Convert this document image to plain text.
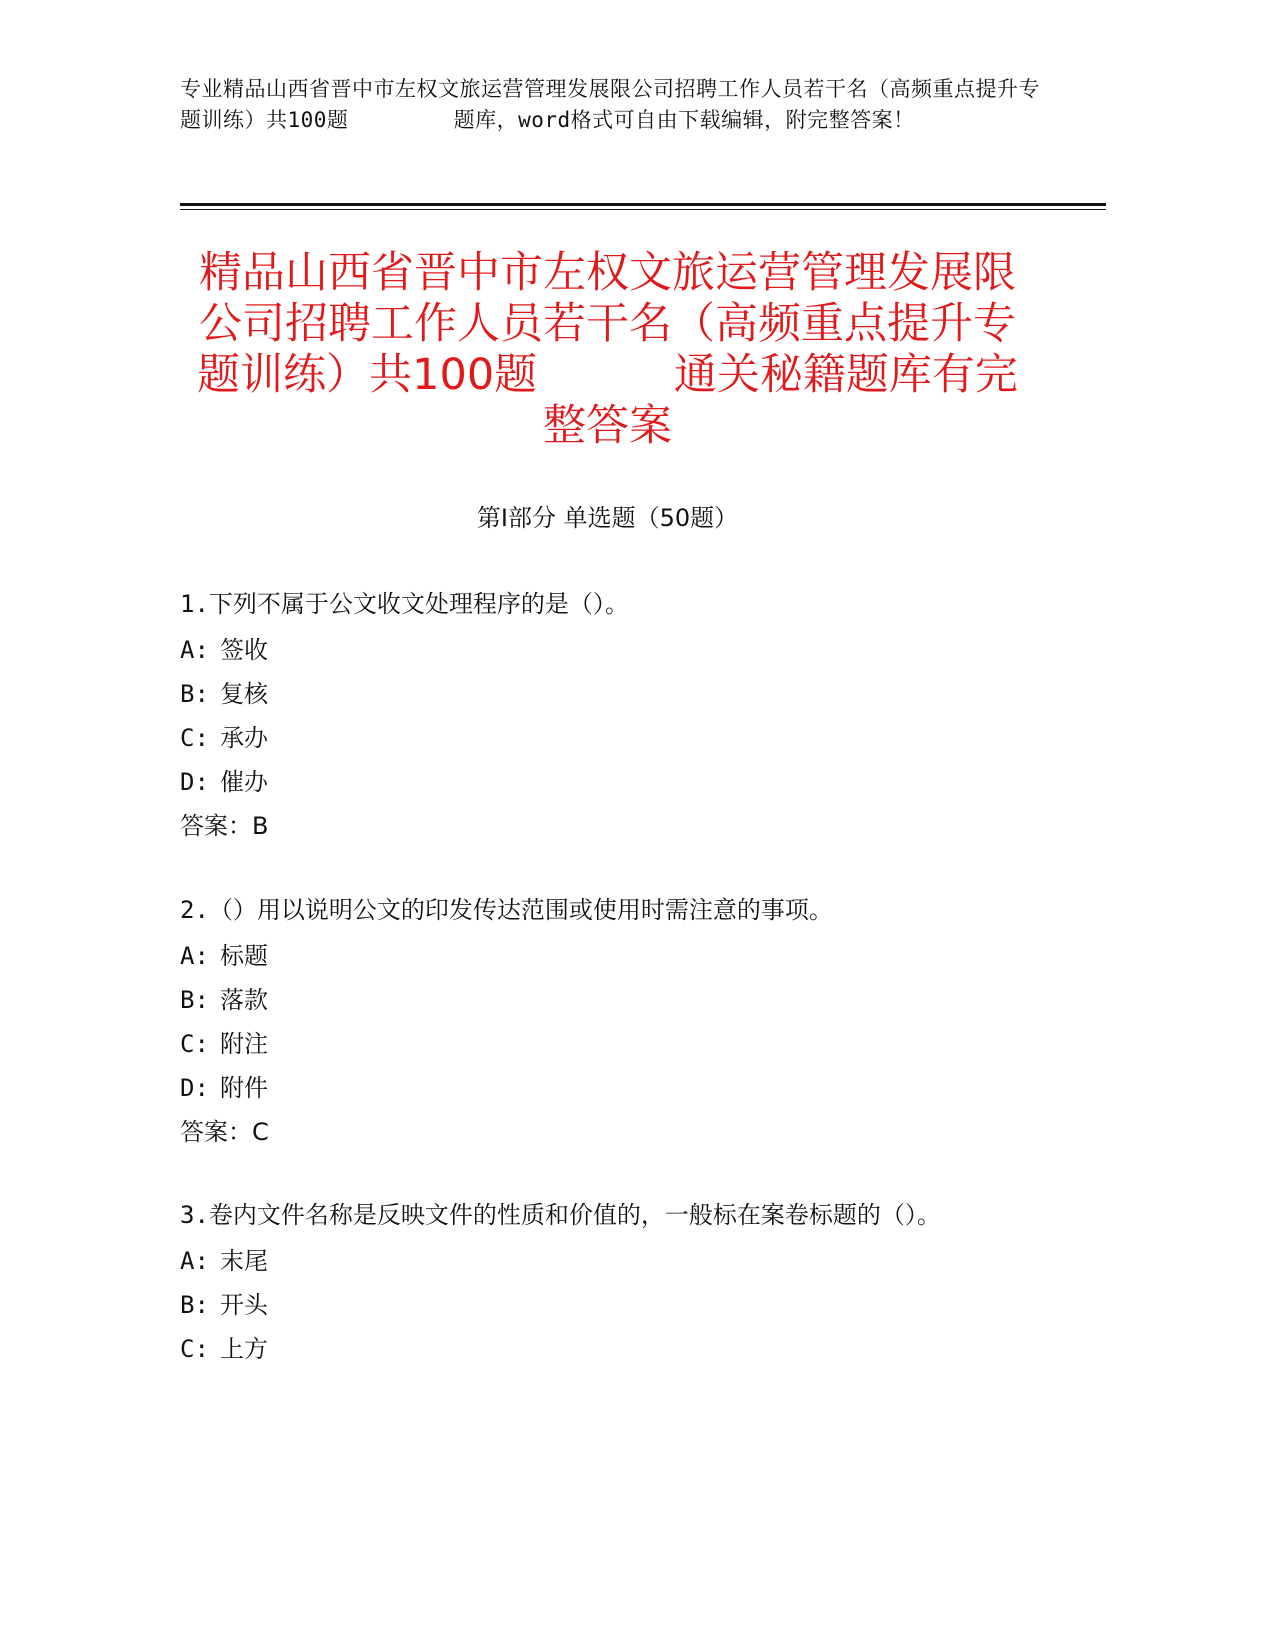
专业精品山西省晋中市左权文旅运营管理发展限公司招聘工作人员若干名（高频重点提升专题训练）共100题        题库，word格式可自由下载编辑，附完整答案！
精品山西省晋中市左权文旅运营管理发展限公司招聘工作人员若干名（高频重点提升专题训练）共100题          通关秘籍题库有完整答案
第Ⅰ部分 单选题（50题）
1.下列不属于公文收文处理程序的是（）。
A: 签收
B: 复核
C: 承办
D: 催办
答案：B
2.（）用以说明公文的印发传达范围或使用时需注意的事项。
A: 标题
B: 落款
C: 附注
D: 附件
答案：C
3.卷内文件名称是反映文件的性质和价值的，一般标在案卷标题的（）。
A: 末尾
B: 开头
C: 上方
